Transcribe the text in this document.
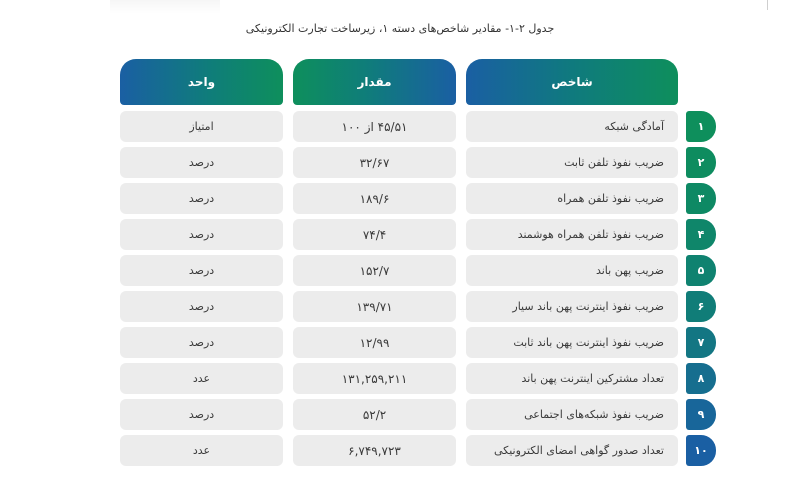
جدول ۲-۱- مقادیر شاخص‌های دسته ۱، زیرساخت تجارت الکترونیکی
واحد	مقدار	شاخص
امتیاز	۴۵/۵۱ از ۱۰۰	آمادگی شبکه	۱
درصد	۳۲/۶۷	ضریب نفوذ تلفن ثابت	۲
درصد	۱۸۹/۶	ضریب نفوذ تلفن همراه	۳
درصد	۷۴/۴	ضریب نفوذ تلفن همراه هوشمند	۴
درصد	۱۵۲/۷	ضریب پهن باند	۵
درصد	۱۳۹/۷۱	ضریب نفوذ اینترنت پهن باند سیار	۶
درصد	۱۲/۹۹	ضریب نفوذ اینترنت پهن باند ثابت	۷
عدد	۱۳۱,۲۵۹,۲۱۱	تعداد مشترکین اینترنت پهن باند	۸
درصد	۵۲/۲	ضریب نفوذ شبکه‌های اجتماعی	۹
عدد	۶,۷۴۹,۷۲۳	تعداد صدور گواهی امضای الکترونیکی	۱۰
